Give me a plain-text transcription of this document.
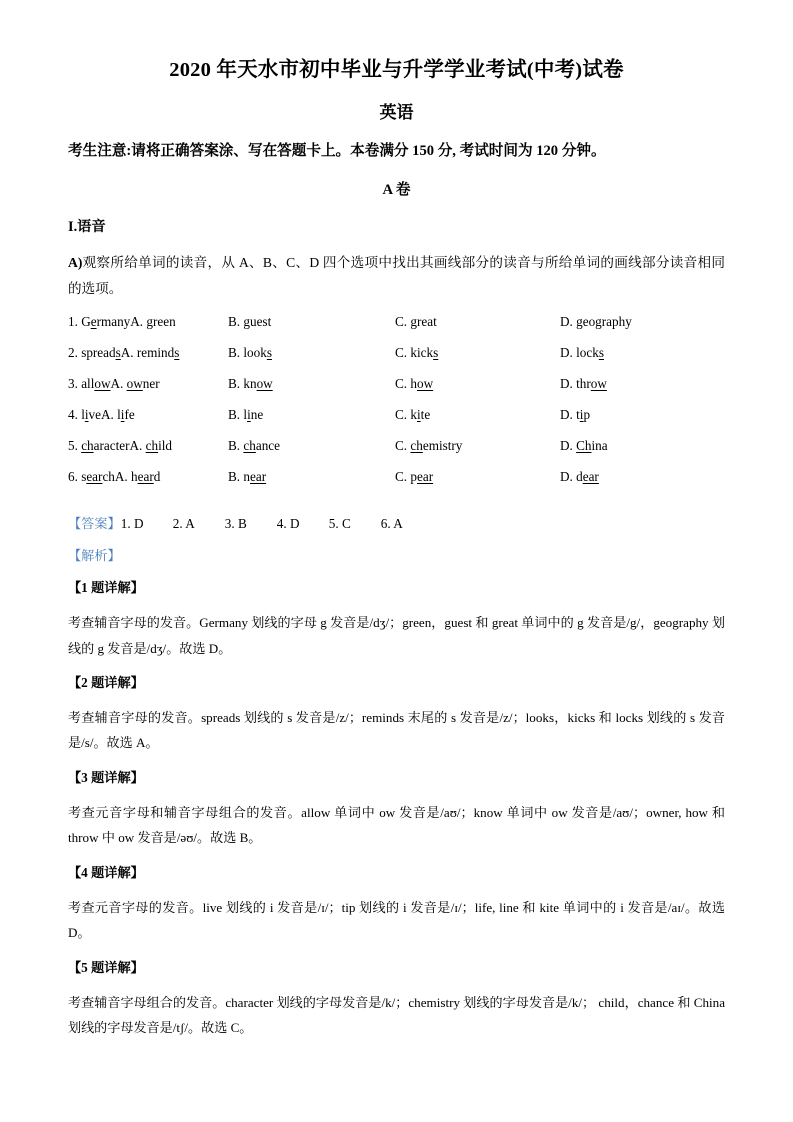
2020 年天水市初中毕业与升学学业考试(中考)试卷
英语

考生注意:请将正确答案涂、写在答题卡上。本卷满分 150 分, 考试时间为 120 分钟。

A 卷

I.语音

A)观察所给单词的读音，从 A、B、C、D 四个选项中找出其画线部分的读音与所给单词的画线部分读音相同的选项。

1. GermanyA. green	B. guest	C. great	D. geography
2. spreadsA. reminds	B. looks	C. kicks	D. locks
3. allowA. owner	B. know	C. how	D. throw
4. liveA. life	B. line	C. kite	D. tip
5. characterA. child	B. chance	C. chemistry	D. China
6. searchA. heard	B. near	C. pear	D. dear

【答案】1. D 2. A 3. B 4. D 5. C 6. A

【解析】

【1 题详解】

考查辅音字母的发音。Germany 划线的字母 g 发音是/dʒ/；green，guest 和 great 单词中的 g 发音是/g/，geography 划线的 g 发音是/dʒ/。故选 D。

【2 题详解】

考查辅音字母的发音。spreads 划线的 s 发音是/z/；reminds 末尾的 s 发音是/z/；looks，kicks 和 locks 划线的 s 发音是/s/。故选 A。

【3 题详解】

考查元音字母和辅音字母组合的发音。allow 单词中 ow 发音是/aʊ/；know 单词中 ow 发音是/aʊ/；owner, how 和 throw 中 ow 发音是/əʊ/。故选 B。

【4 题详解】

考查元音字母的发音。live 划线的 i 发音是/ɪ/；tip 划线的 i 发音是/ɪ/；life, line 和 kite 单词中的 i 发音是/aɪ/。故选 D。

【5 题详解】

考查辅音字母组合的发音。character 划线的字母发音是/k/；chemistry 划线的字母发音是/k/； child，chance 和 China 划线的字母发音是/tʃ/。故选 C。
